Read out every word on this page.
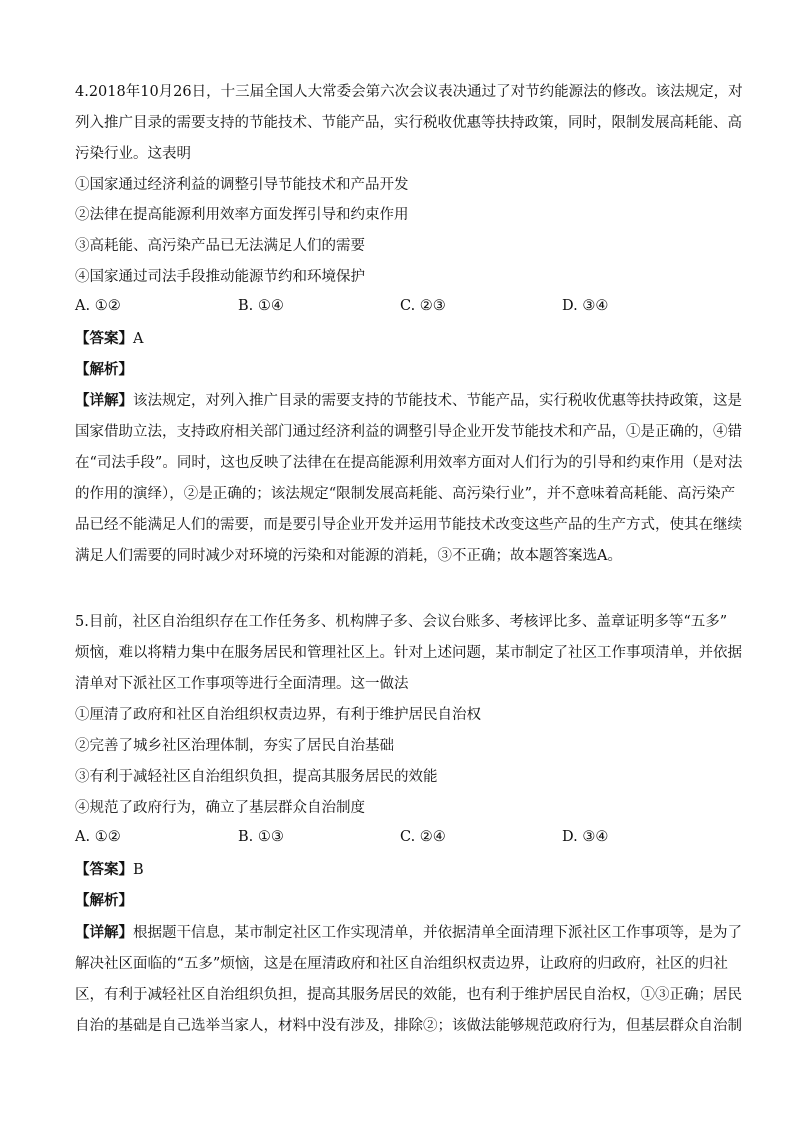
4.2018年10月26日，十三届全国人大常委会第六次会议表决通过了对节约能源法的修改。该法规定，对
列入推广目录的需要支持的节能技术、节能产品，实行税收优惠等扶持政策，同时，限制发展高耗能、高
污染行业。这表明
①国家通过经济利益的调整引导节能技术和产品开发
②法律在提高能源利用效率方面发挥引导和约束作用
③高耗能、高污染产品已无法满足人们的需要
④国家通过司法手段推动能源节约和环境保护
A. ①②	B. ①④	C. ②③	D. ③④
【答案】A
【解析】
【详解】该法规定，对列入推广目录的需要支持的节能技术、节能产品，实行税收优惠等扶持政策，这是
国家借助立法，支持政府相关部门通过经济利益的调整引导企业开发节能技术和产品，①是正确的，④错
在“司法手段”。同时，这也反映了法律在在提高能源利用效率方面对人们行为的引导和约束作用（是对法
的作用的演绎），②是正确的；该法规定“限制发展高耗能、高污染行业”，并不意味着高耗能、高污染产
品已经不能满足人们的需要，而是要引导企业开发并运用节能技术改变这些产品的生产方式，使其在继续
满足人们需要的同时减少对环境的污染和对能源的消耗，③不正确；故本题答案选A。
5.目前，社区自治组织存在工作任务多、机构牌子多、会议台账多、考核评比多、盖章证明多等“五多”
烦恼，难以将精力集中在服务居民和管理社区上。针对上述问题，某市制定了社区工作事项清单，并依据
清单对下派社区工作事项等进行全面清理。这一做法
①厘清了政府和社区自治组织权责边界，有利于维护居民自治权
②完善了城乡社区治理体制，夯实了居民自治基础
③有利于减轻社区自治组织负担，提高其服务居民的效能
④规范了政府行为，确立了基层群众自治制度
A. ①②	B. ①③	C. ②④	D. ③④
【答案】B
【解析】
【详解】根据题干信息，某市制定社区工作实现清单，并依据清单全面清理下派社区工作事项等，是为了
解决社区面临的“五多”烦恼，这是在厘清政府和社区自治组织权责边界，让政府的归政府，社区的归社
区，有利于减轻社区自治组织负担，提高其服务居民的效能，也有利于维护居民自治权，①③正确；居民
自治的基础是自己选举当家人，材料中没有涉及，排除②；该做法能够规范政府行为，但基层群众自治制
